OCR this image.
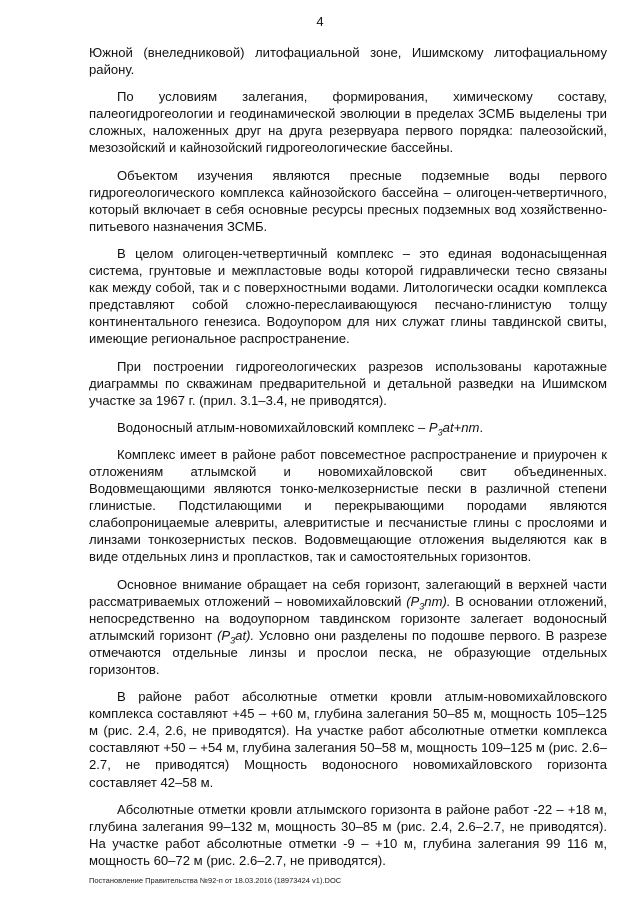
4

Южной (внеледниковой) литофациальной зоне, Ишимскому литофациальному району.

По условиям залегания, формирования, химическому составу, палеогидрогеологии и геодинамической эволюции в пределах ЗСМБ выделены три сложных, наложенных друг на друга резервуара первого порядка: палеозойский, мезозойский и кайнозойский гидрогеологические бассейны.

Объектом изучения являются пресные подземные воды первого гидрогеологического комплекса кайнозойского бассейна – олигоцен-четвертичного, который включает в себя основные ресурсы пресных подземных вод хозяйственно-питьевого назначения ЗСМБ.

В целом олигоцен-четвертичный комплекс – это единая водонасыщенная система, грунтовые и межпластовые воды которой гидравлически тесно связаны как между собой, так и с поверхностными водами. Литологически осадки комплекса представляют собой сложно-переслаивающуюся песчано-глинистую толщу континентального генезиса. Водоупором для них служат глины тавдинской свиты, имеющие региональное распространение.

При построении гидрогеологических разрезов использованы каротажные диаграммы по скважинам предварительной и детальной разведки на Ишимском участке за 1967 г. (прил. 3.1–3.4, не приводятся).

Водоносный атлым-новомихайловский комплекс – $P_3at+nm$.

Комплекс имеет в районе работ повсеместное распространение и приурочен к отложениям атлымской и новомихайловской свит объединенных. Водовмещающими являются тонко-мелкозернистые пески в различной степени глинистые. Подстилающими и перекрывающими породами являются слабопроницаемые алевриты, алевритистые и песчанистые глины с прослоями и линзами тонкозернистых песков. Водовмещающие отложения выделяются как в виде отдельных линз и пропластков, так и самостоятельных горизонтов.

Основное внимание обращает на себя горизонт, залегающий в верхней части рассматриваемых отложений – новомихайловский $(P_3nm)$. В основании отложений, непосредственно на водоупорном тавдинском горизонте залегает водоносный атлымский горизонт $(P_3at)$. Условно они разделены по подошве первого. В разрезе отмечаются отдельные линзы и прослои песка, не образующие отдельных горизонтов.

В районе работ абсолютные отметки кровли атлым-новомихайловского комплекса составляют +45 – +60 м, глубина залегания 50–85 м, мощность 105–125 м (рис. 2.4, 2.6, не приводятся). На участке работ абсолютные отметки комплекса составляют +50 – +54 м, глубина залегания 50–58 м, мощность 109–125 м (рис. 2.6–2.7, не приводятся) Мощность водоносного новомихайловского горизонта составляет 42–58 м.

Абсолютные отметки кровли атлымского горизонта в районе работ -22 – +18 м, глубина залегания 99–132 м, мощность 30–85 м (рис. 2.4, 2.6–2.7, не приводятся). На участке работ абсолютные отметки -9 – +10 м, глубина залегания 99 116 м, мощность 60–72 м (рис. 2.6–2.7, не приводятся).

Постановление Правительства №92-п от 18.03.2016 (18973424 v1).DOC
